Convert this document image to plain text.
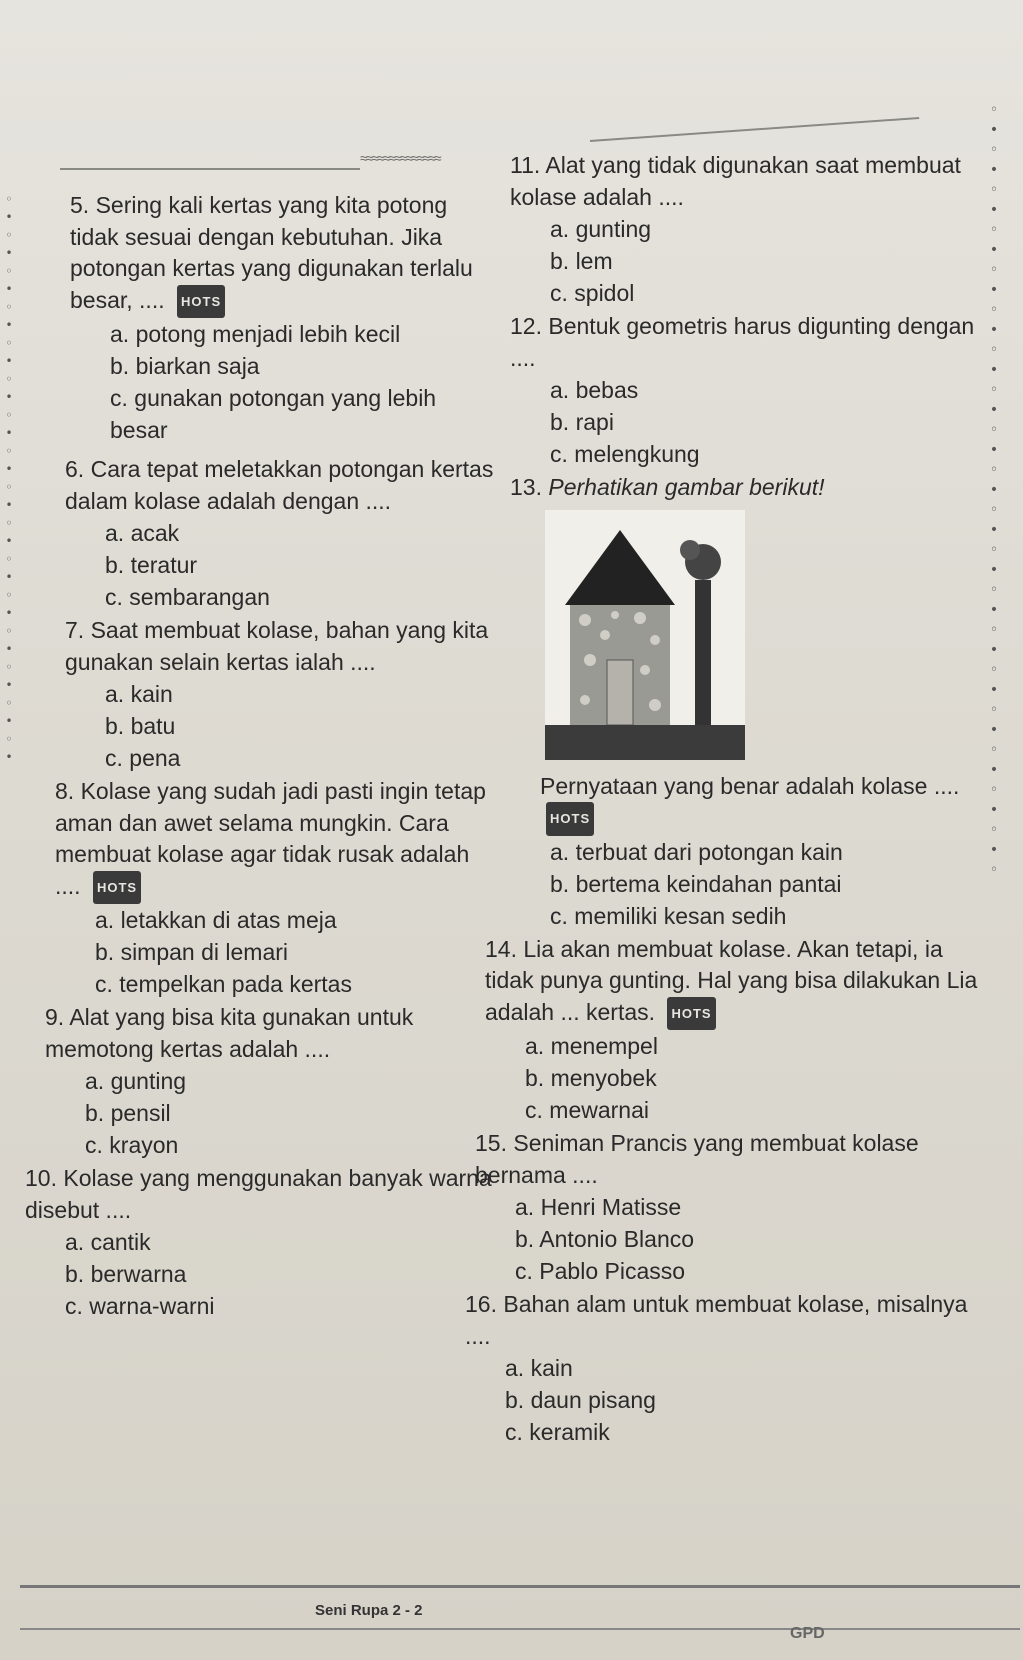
≈≈≈≈≈≈≈≈≈≈≈≈≈≈
◦
•
◦
•
◦
•
◦
•
◦
•
◦
•
◦
•
◦
•
◦
•
◦
•
◦
•
◦
•
◦
•
◦
•
◦
•
◦
•
◦
•
◦
•
◦
•
◦
◦
•
◦
•
◦
•
◦
•
◦
•
◦
•
◦
•
◦
•
◦
•
◦
•
◦
•
◦
•
◦
•
◦
•
◦
•
◦
•
5. Sering kali kertas yang kita potong tidak sesuai dengan kebutuhan. Jika potongan kertas yang digunakan terlalu besar, .... HOTS
a. potong menjadi lebih kecil
b. biarkan saja
c. gunakan potongan yang lebih besar
6. Cara tepat meletakkan potongan kertas dalam kolase adalah dengan ....
a. acak
b. teratur
c. sembarangan
7. Saat membuat kolase, bahan yang kita gunakan selain kertas ialah ....
a. kain
b. batu
c. pena
8. Kolase yang sudah jadi pasti ingin tetap aman dan awet selama mungkin. Cara membuat kolase agar tidak rusak adalah .... HOTS
a. letakkan di atas meja
b. simpan di lemari
c. tempelkan pada kertas
9. Alat yang bisa kita gunakan untuk memotong kertas adalah ....
a. gunting
b. pensil
c. krayon
10. Kolase yang menggunakan banyak warna disebut ....
a. cantik
b. berwarna
c. warna-warni
11. Alat yang tidak digunakan saat membuat kolase adalah ....
a. gunting
b. lem
c. spidol
12. Bentuk geometris harus digunting dengan ....
a. bebas
b. rapi
c. melengkung
13. Perhatikan gambar berikut!
Pernyataan yang benar adalah kolase .... HOTS
a. terbuat dari potongan kain
b. bertema keindahan pantai
c. memiliki kesan sedih
14. Lia akan membuat kolase. Akan tetapi, ia tidak punya gunting. Hal yang bisa dilakukan Lia adalah ... kertas. HOTS
a. menempel
b. menyobek
c. mewarnai
15. Seniman Prancis yang membuat kolase bernama ....
a. Henri Matisse
b. Antonio Blanco
c. Pablo Picasso
16. Bahan alam untuk membuat kolase, misalnya ....
a. kain
b. daun pisang
c. keramik
Seni Rupa 2 - 2
GPD
